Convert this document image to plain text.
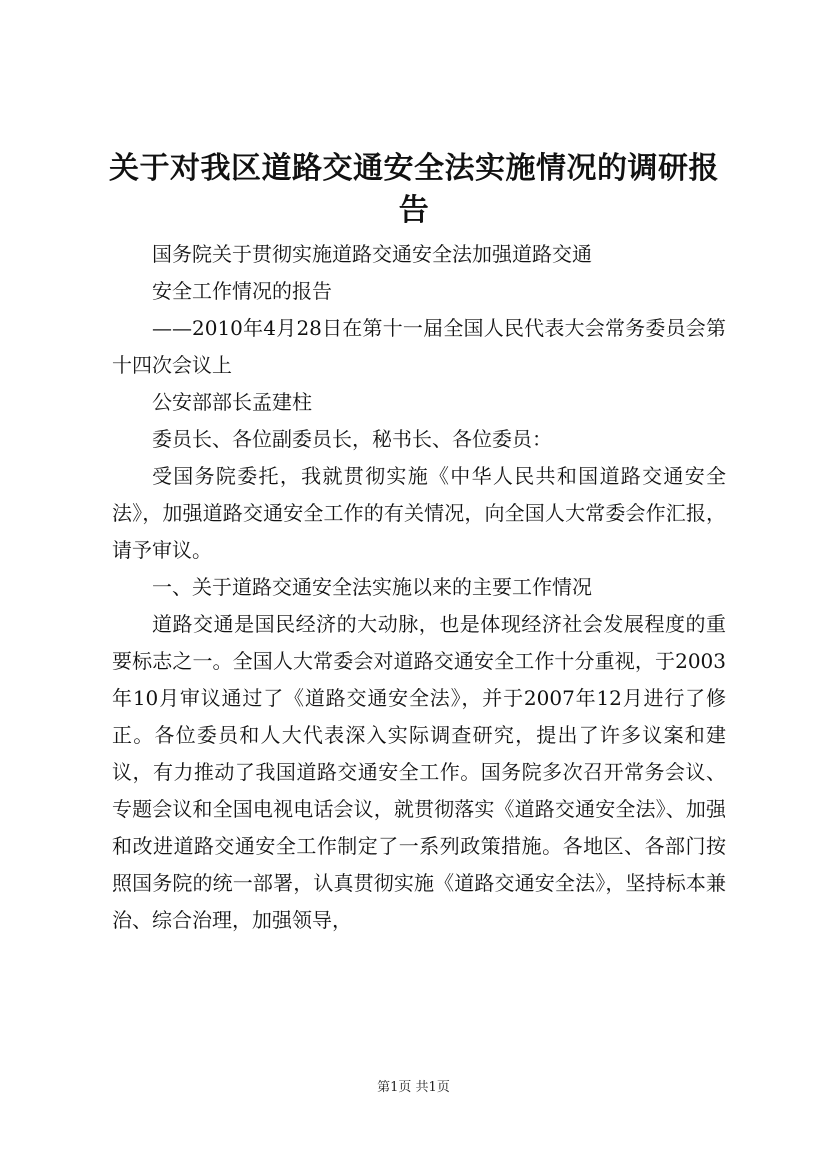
关于对我区道路交通安全法实施情况的调研报告

国务院关于贯彻实施道路交通安全法加强道路交通

安全工作情况的报告

——2010年4月28日在第十一届全国人民代表大会常务委员会第十四次会议上

公安部部长孟建柱

委员长、各位副委员长，秘书长、各位委员：

受国务院委托，我就贯彻实施《中华人民共和国道路交通安全法》，加强道路交通安全工作的有关情况，向全国人大常委会作汇报，请予审议。

一、关于道路交通安全法实施以来的主要工作情况

道路交通是国民经济的大动脉，也是体现经济社会发展程度的重要标志之一。全国人大常委会对道路交通安全工作十分重视，于2003年10月审议通过了《道路交通安全法》，并于2007年12月进行了修正。各位委员和人大代表深入实际调查研究，提出了许多议案和建议，有力推动了我国道路交通安全工作。国务院多次召开常务会议、专题会议和全国电视电话会议，就贯彻落实《道路交通安全法》、加强和改进道路交通安全工作制定了一系列政策措施。各地区、各部门按照国务院的统一部署，认真贯彻实施《道路交通安全法》，坚持标本兼治、综合治理，加强领导，

第1页 共1页
